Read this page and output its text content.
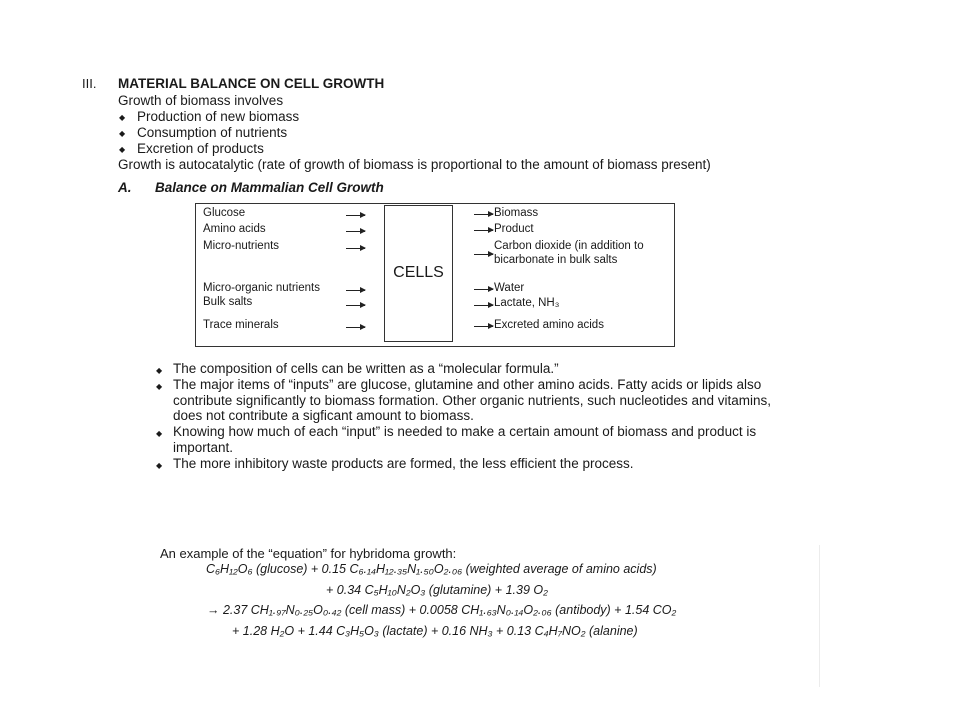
III. MATERIAL BALANCE ON CELL GROWTH
Growth of biomass involves
◆ Production of new biomass
◆ Consumption of nutrients
◆ Excretion of products
Growth is autocatalytic (rate of growth of biomass is proportional to the amount of biomass present)
A. Balance on Mammalian Cell Growth
CELLS
Glucose
Amino acids
Micro-nutrients
Micro-organic nutrients
Bulk salts
Trace minerals
Biomass
Product
Carbon dioxide (in addition to
bicarbonate in bulk salts
Water
Lactate, NH₃
Excreted amino acids
◆ The composition of cells can be written as a “molecular formula.”
◆ The major items of “inputs” are glucose, glutamine and other amino acids. Fatty acids or lipids also
contribute significantly to biomass formation. Other organic nutrients, such nucleotides and vitamins,
does not contribute a sigficant amount to biomass.
◆ Knowing how much of each “input” is needed to make a certain amount of biomass and product is
important.
◆ The more inhibitory waste products are formed, the less efficient the process.
An example of the “equation” for hybridoma growth:
C₆H₁₂O₆ (glucose) + 0.15 C₆.₁₄H₁₂.₃₅N₁.₅₀O₂.₀₆ (weighted average of amino acids)
+ 0.34 C₅H₁₀N₂O₃ (glutamine) + 1.39 O₂
→ 2.37 CH₁.₉₇N₀.₂₅O₀.₄₂ (cell mass) + 0.0058 CH₁.₆₃N₀.₁₄O₂.₀₆ (antibody) + 1.54 CO₂
+ 1.28 H₂O + 1.44 C₃H₅O₃ (lactate) + 0.16 NH₃ + 0.13 C₄H₇NO₂ (alanine)
